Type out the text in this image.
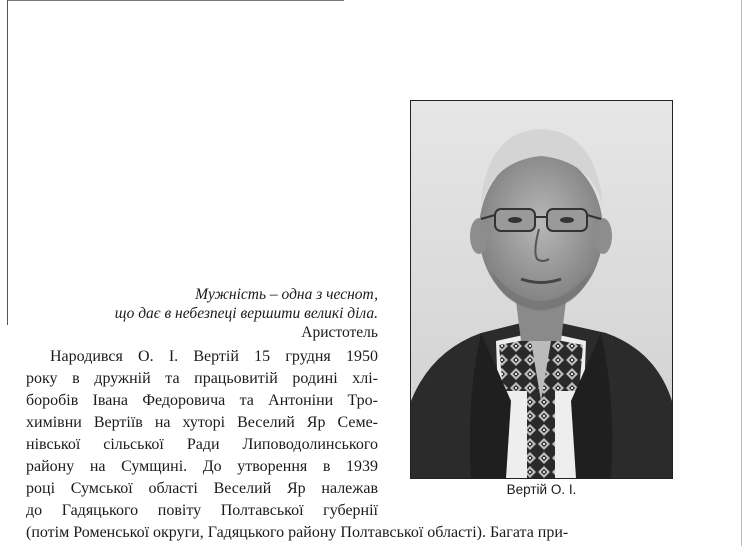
Мужність – одна з чеснот,
що дає в небезпеці вершити великі діла.
Аристотель
Народився О. І. Вертій 15 грудня 1950
року в дружній та працьовитій родині хлі-
боробів Івана Федоровича та Антоніни Тро-
химівни Вертіїв на хуторі Веселий Яр Семе-
нівської сільської Ради Липоводолинського
району на Сумщині. До утворення в 1939
році Сумської області Веселий Яр належав
до Гадяцького повіту Полтавської губернії
(потім Роменської округи, Гадяцького району Полтавської області). Багата при-
Вертій О. І.
